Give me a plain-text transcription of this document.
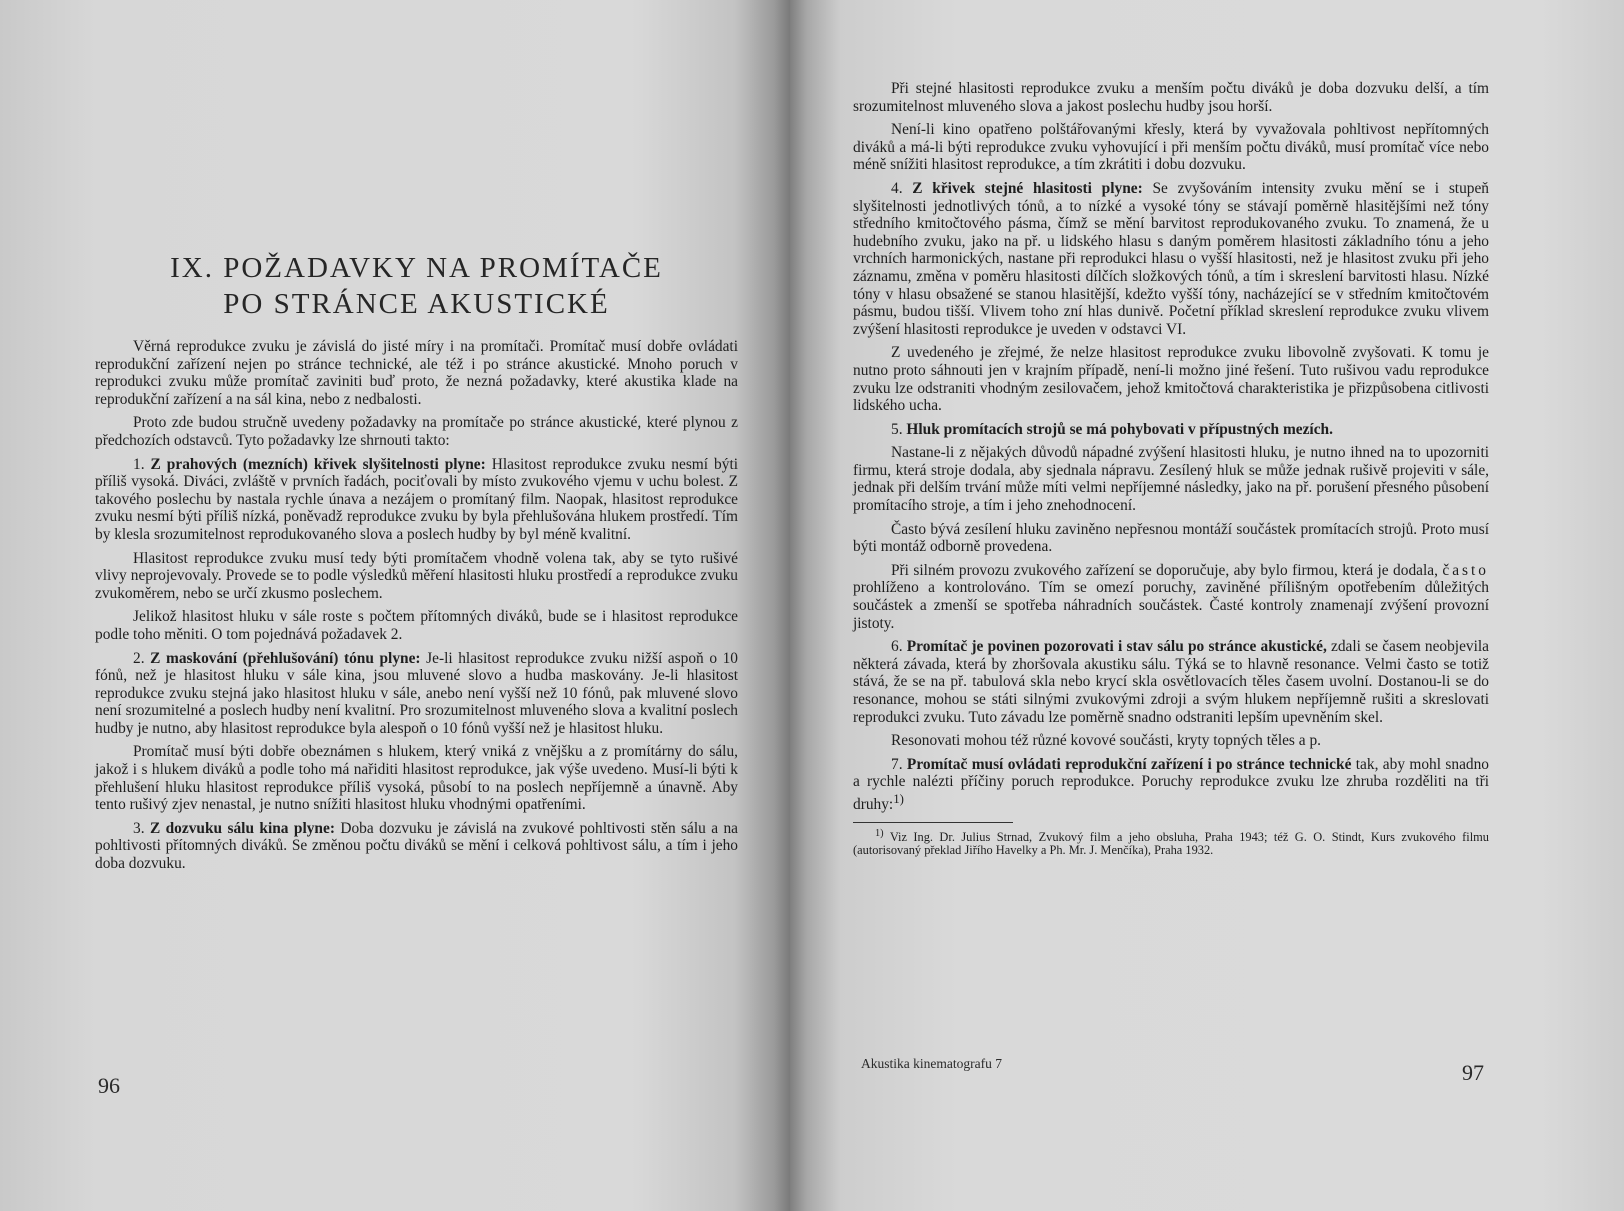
IX. POŽADAVKY NA PROMÍTAČE
PO STRÁNCE AKUSTICKÉ

Věrná reprodukce zvuku je závislá do jisté míry i na promítači. Promítač musí dobře ovládati reprodukční zařízení nejen po stránce technické, ale též i po stránce akustické. Mnoho poruch v reprodukci zvuku může promítač zaviniti buď proto, že nezná požadavky, které akustika klade na reprodukční zařízení a na sál kina, nebo z nedbalosti.

Proto zde budou stručně uvedeny požadavky na promítače po stránce akustické, které plynou z předchozích odstavců. Tyto požadavky lze shrnouti takto:

1. Z prahových (mezních) křivek slyšitelnosti plyne: Hlasitost reprodukce zvuku nesmí býti příliš vysoká. Diváci, zvláště v prvních řadách, pociťovali by místo zvukového vjemu v uchu bolest. Z takového poslechu by nastala rychle únava a nezájem o promítaný film. Naopak, hlasitost reprodukce zvuku nesmí býti příliš nízká, poněvadž reprodukce zvuku by byla přehlušována hlukem prostředí. Tím by klesla srozumitelnost reprodukovaného slova a poslech hudby by byl méně kvalitní.

Hlasitost reprodukce zvuku musí tedy býti promítačem vhodně volena tak, aby se tyto rušivé vlivy neprojevovaly. Provede se to podle výsledků měření hlasitosti hluku prostředí a reprodukce zvuku zvukoměrem, nebo se určí zkusmo poslechem.

Jelikož hlasitost hluku v sále roste s počtem přítomných diváků, bude se i hlasitost reprodukce podle toho měniti. O tom pojednává požadavek 2.

2. Z maskování (přehlušování) tónu plyne: Je-li hlasitost reprodukce zvuku nižší aspoň o 10 fónů, než je hlasitost hluku v sále kina, jsou mluvené slovo a hudba maskovány. Je-li hlasitost reprodukce zvuku stejná jako hlasitost hluku v sále, anebo není vyšší než 10 fónů, pak mluvené slovo není srozumitelné a poslech hudby není kvalitní. Pro srozumitelnost mluveného slova a kvalitní poslech hudby je nutno, aby hlasitost reprodukce byla alespoň o 10 fónů vyšší než je hlasitost hluku.

Promítač musí býti dobře obeznámen s hlukem, který vniká z vnějšku a z promítárny do sálu, jakož i s hlukem diváků a podle toho má nařiditi hlasitost reprodukce, jak výše uvedeno. Musí-li býti k přehlušení hluku hlasitost reprodukce příliš vysoká, působí to na poslech nepříjemně a únavně. Aby tento rušivý zjev nenastal, je nutno snížiti hlasitost hluku vhodnými opatřeními.

3. Z dozvuku sálu kina plyne: Doba dozvuku je závislá na zvukové pohltivosti stěn sálu a na pohltivosti přítomných diváků. Se změnou počtu diváků se mění i celková pohltivost sálu, a tím i jeho doba dozvuku.

96

Při stejné hlasitosti reprodukce zvuku a menším počtu diváků je doba dozvuku delší, a tím srozumitelnost mluveného slova a jakost poslechu hudby jsou horší.

Není-li kino opatřeno polštářovanými křesly, která by vyvažovala pohltivost nepřítomných diváků a má-li býti reprodukce zvuku vyhovující i při menším počtu diváků, musí promítač více nebo méně snížiti hlasitost reprodukce, a tím zkrátiti i dobu dozvuku.

4. Z křivek stejné hlasitosti plyne: Se zvyšováním intensity zvuku mění se i stupeň slyšitelnosti jednotlivých tónů, a to nízké a vysoké tóny se stávají poměrně hlasitějšími než tóny středního kmitočtového pásma, čímž se mění barvitost reprodukovaného zvuku. To znamená, že u hudebního zvuku, jako na př. u lidského hlasu s daným poměrem hlasitosti základního tónu a jeho vrchních harmonických, nastane při reprodukci hlasu o vyšší hlasitosti, než je hlasitost zvuku při jeho záznamu, změna v poměru hlasitosti dílčích složkových tónů, a tím i skreslení barvitosti hlasu. Nízké tóny v hlasu obsažené se stanou hlasitější, kdežto vyšší tóny, nacházející se v středním kmitočtovém pásmu, budou tišší. Vlivem toho zní hlas dunivě. Početní příklad skreslení reprodukce zvuku vlivem zvýšení hlasitosti reprodukce je uveden v odstavci VI.

Z uvedeného je zřejmé, že nelze hlasitost reprodukce zvuku libovolně zvyšovati. K tomu je nutno proto sáhnouti jen v krajním případě, není-li možno jiné řešení. Tuto rušivou vadu reprodukce zvuku lze odstraniti vhodným zesilovačem, jehož kmitočtová charakteristika je přizpůsobena citlivosti lidského ucha.

5. Hluk promítacích strojů se má pohybovati v přípustných mezích.

Nastane-li z nějakých důvodů nápadné zvýšení hlasitosti hluku, je nutno ihned na to upozorniti firmu, která stroje dodala, aby sjednala nápravu. Zesílený hluk se může jednak rušivě projeviti v sále, jednak při delším trvání může míti velmi nepříjemné následky, jako na př. porušení přesného působení promítacího stroje, a tím i jeho znehodnocení.

Často bývá zesílení hluku zaviněno nepřesnou montáží součástek promítacích strojů. Proto musí býti montáž odborně provedena.

Při silném provozu zvukového zařízení se doporučuje, aby bylo firmou, která je dodala, často prohlíženo a kontrolováno. Tím se omezí poruchy, zaviněné přílišným opotřebením důležitých součástek a zmenší se spotřeba náhradních součástek. Časté kontroly znamenají zvýšení provozní jistoty.

6. Promítač je povinen pozorovati i stav sálu po stránce akustické, zdali se časem neobjevila některá závada, která by zhoršovala akustiku sálu. Týká se to hlavně resonance. Velmi často se totiž stává, že se na př. tabulová skla nebo krycí skla osvětlovacích těles časem uvolní. Dostanou-li se do resonance, mohou se státi silnými zvukovými zdroji a svým hlukem nepříjemně rušiti a skreslovati reprodukci zvuku. Tuto závadu lze poměrně snadno odstraniti lepším upevněním skel.

Resonovati mohou též různé kovové součásti, kryty topných těles a p.

7. Promítač musí ovládati reprodukční zařízení i po stránce technické tak, aby mohl snadno a rychle nalézti příčiny poruch reprodukce. Poruchy reprodukce zvuku lze zhruba rozděliti na tři druhy:$^{1)}$

$^{1)}$ Viz Ing. Dr. Julius Strnad, Zvukový film a jeho obsluha, Praha 1943; též G. O. Stindt, Kurs zvukového filmu (autorisovaný překlad Jiřího Havelky a Ph. Mr. J. Menčíka), Praha 1932.

Akustika kinematografu 7	97
